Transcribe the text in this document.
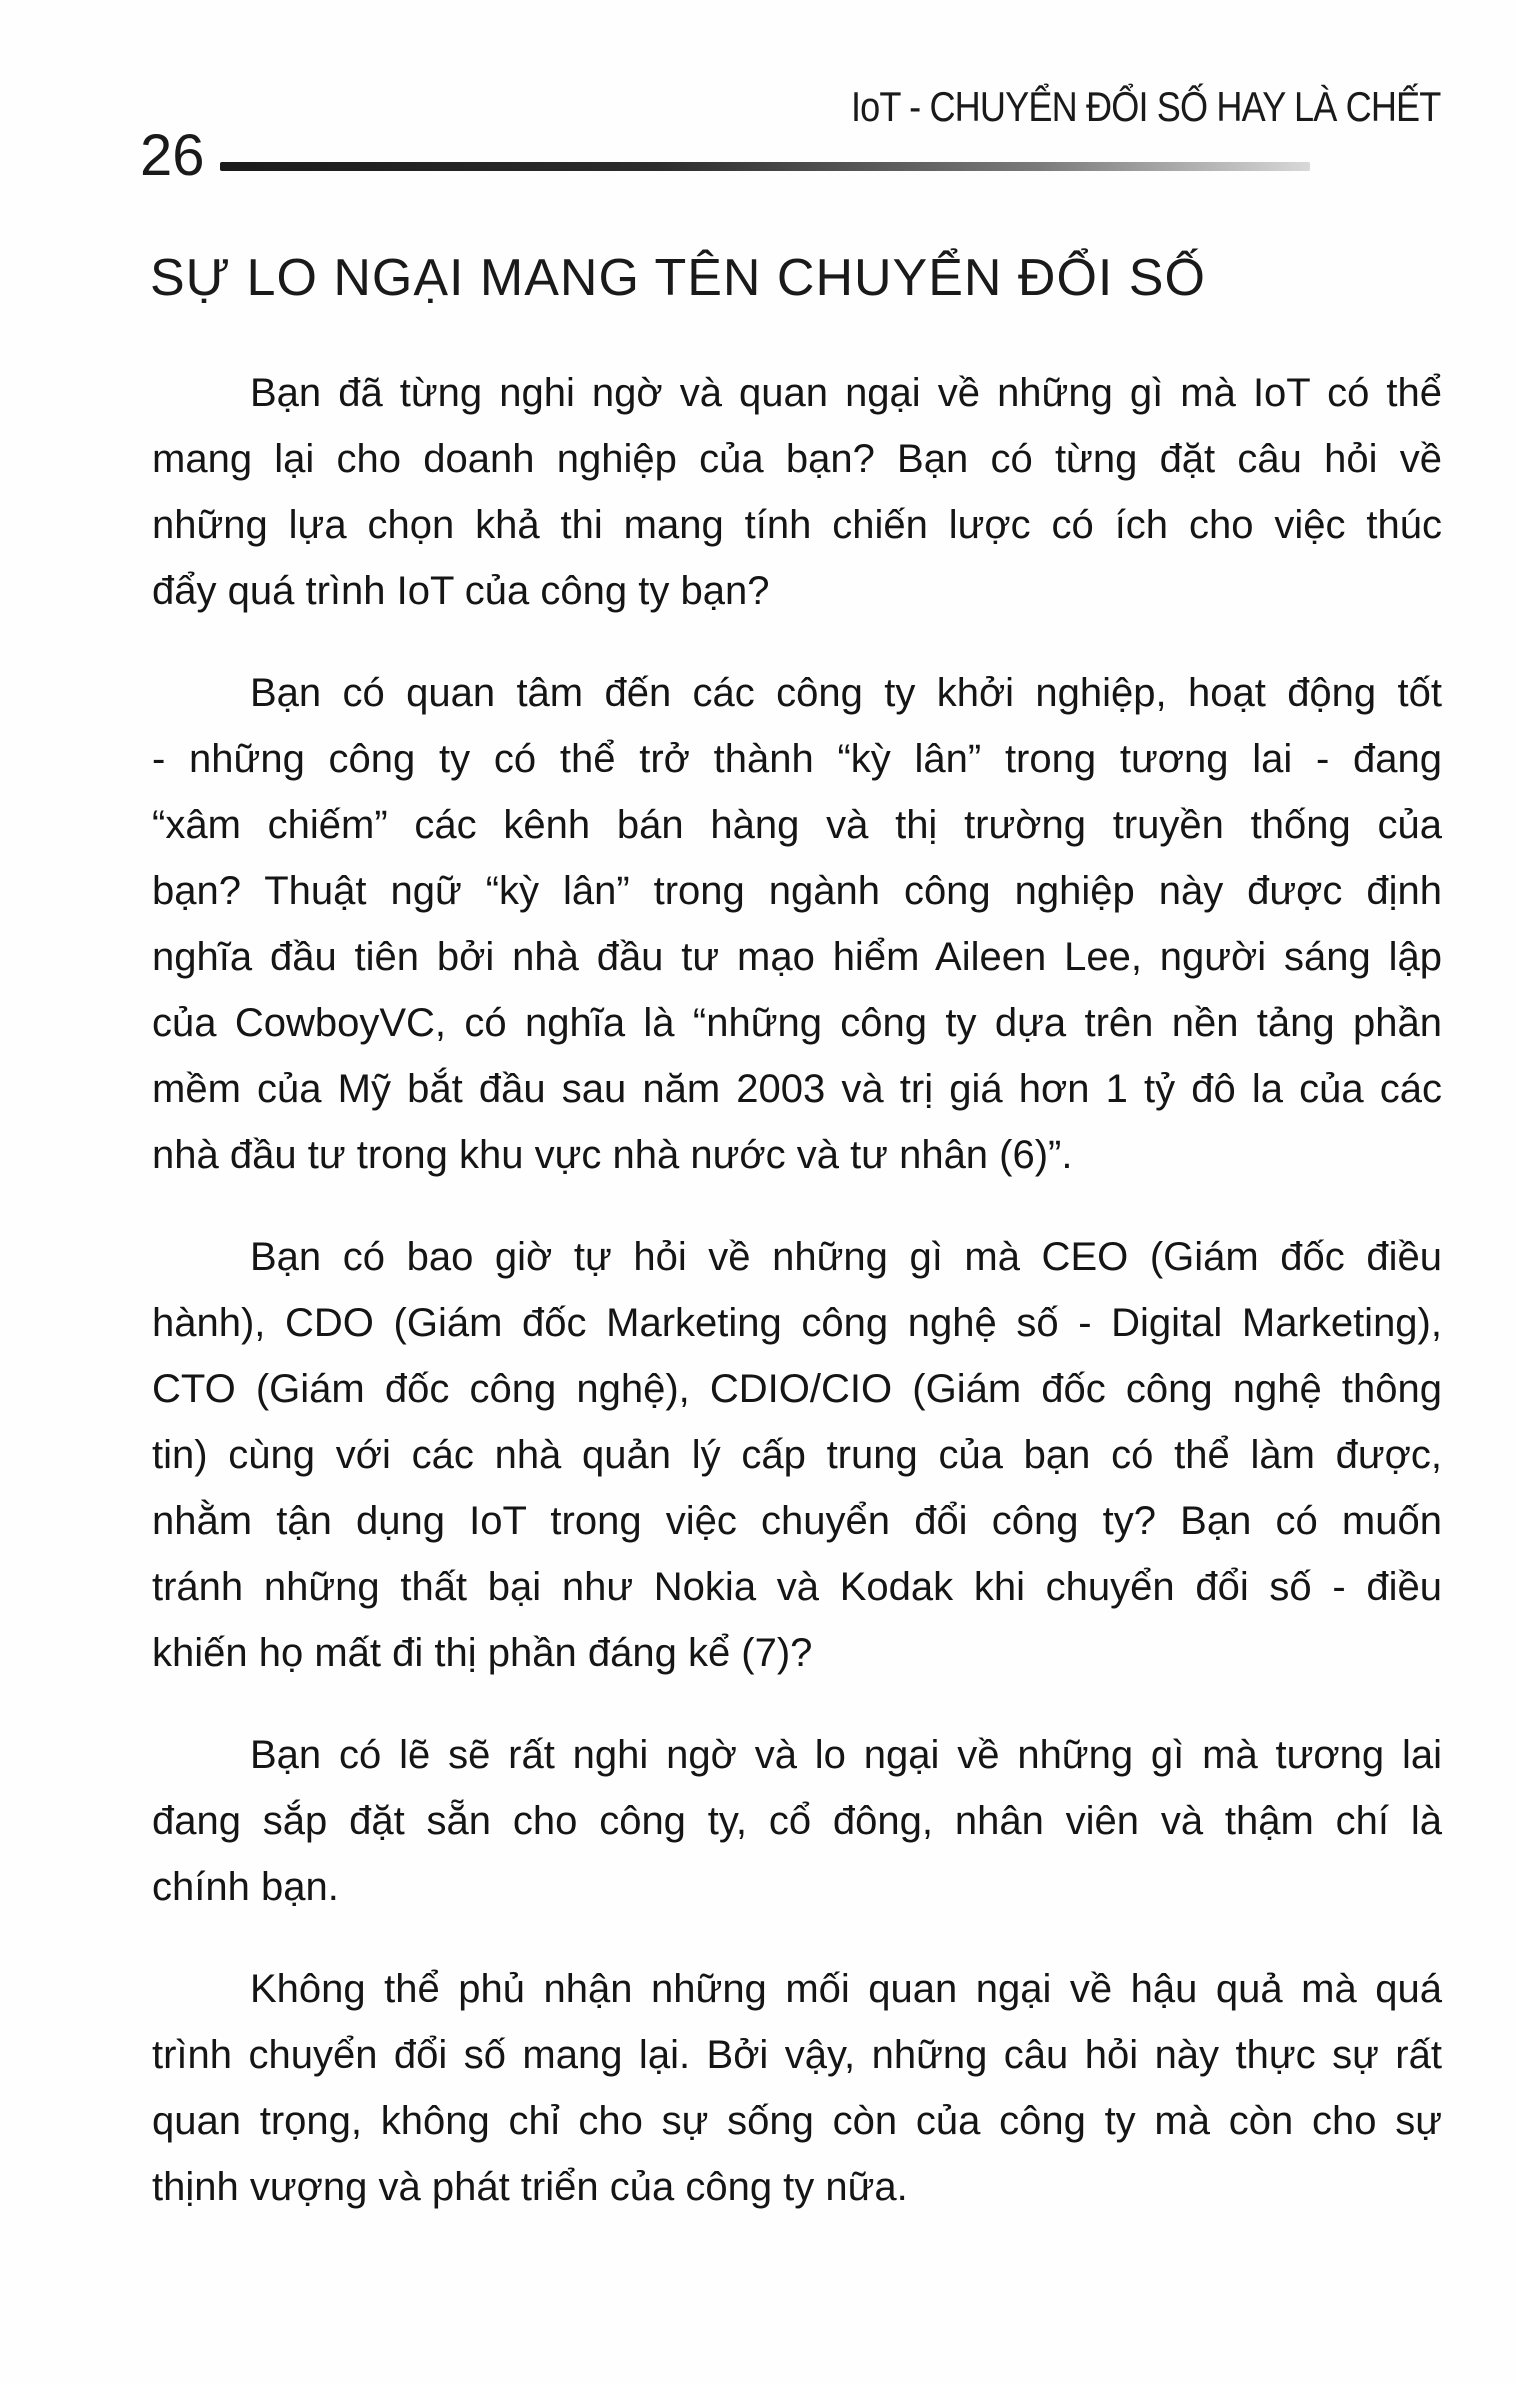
26
IoT - CHUYỂN ĐỔI SỐ HAY LÀ CHẾT
SỰ LO NGẠI MANG TÊN CHUYỂN ĐỔI SỐ

Bạn đã từng nghi ngờ và quan ngại về những gì mà IoT có thể
mang lại cho doanh nghiệp của bạn? Bạn có từng đặt câu hỏi về
những lựa chọn khả thi mang tính chiến lược có ích cho việc thúc
đẩy quá trình IoT của công ty bạn?

Bạn có quan tâm đến các công ty khởi nghiệp, hoạt động tốt
- những công ty có thể trở thành “kỳ lân” trong tương lai - đang
“xâm chiếm” các kênh bán hàng và thị trường truyền thống của
bạn? Thuật ngữ “kỳ lân” trong ngành công nghiệp này được định
nghĩa đầu tiên bởi nhà đầu tư mạo hiểm Aileen Lee, người sáng lập
của CowboyVC, có nghĩa là “những công ty dựa trên nền tảng phần
mềm của Mỹ bắt đầu sau năm 2003 và trị giá hơn 1 tỷ đô la của các
nhà đầu tư trong khu vực nhà nước và tư nhân (6)”.

Bạn có bao giờ tự hỏi về những gì mà CEO (Giám đốc điều
hành), CDO (Giám đốc Marketing công nghệ số - Digital Marketing),
CTO (Giám đốc công nghệ), CDIO/CIO (Giám đốc công nghệ thông
tin) cùng với các nhà quản lý cấp trung của bạn có thể làm được,
nhằm tận dụng IoT trong việc chuyển đổi công ty? Bạn có muốn
tránh những thất bại như Nokia và Kodak khi chuyển đổi số - điều
khiến họ mất đi thị phần đáng kể (7)?

Bạn có lẽ sẽ rất nghi ngờ và lo ngại về những gì mà tương lai
đang sắp đặt sẵn cho công ty, cổ đông, nhân viên và thậm chí là
chính bạn.

Không thể phủ nhận những mối quan ngại về hậu quả mà quá
trình chuyển đổi số mang lại. Bởi vậy, những câu hỏi này thực sự rất
quan trọng, không chỉ cho sự sống còn của công ty mà còn cho sự
thịnh vượng và phát triển của công ty nữa.
